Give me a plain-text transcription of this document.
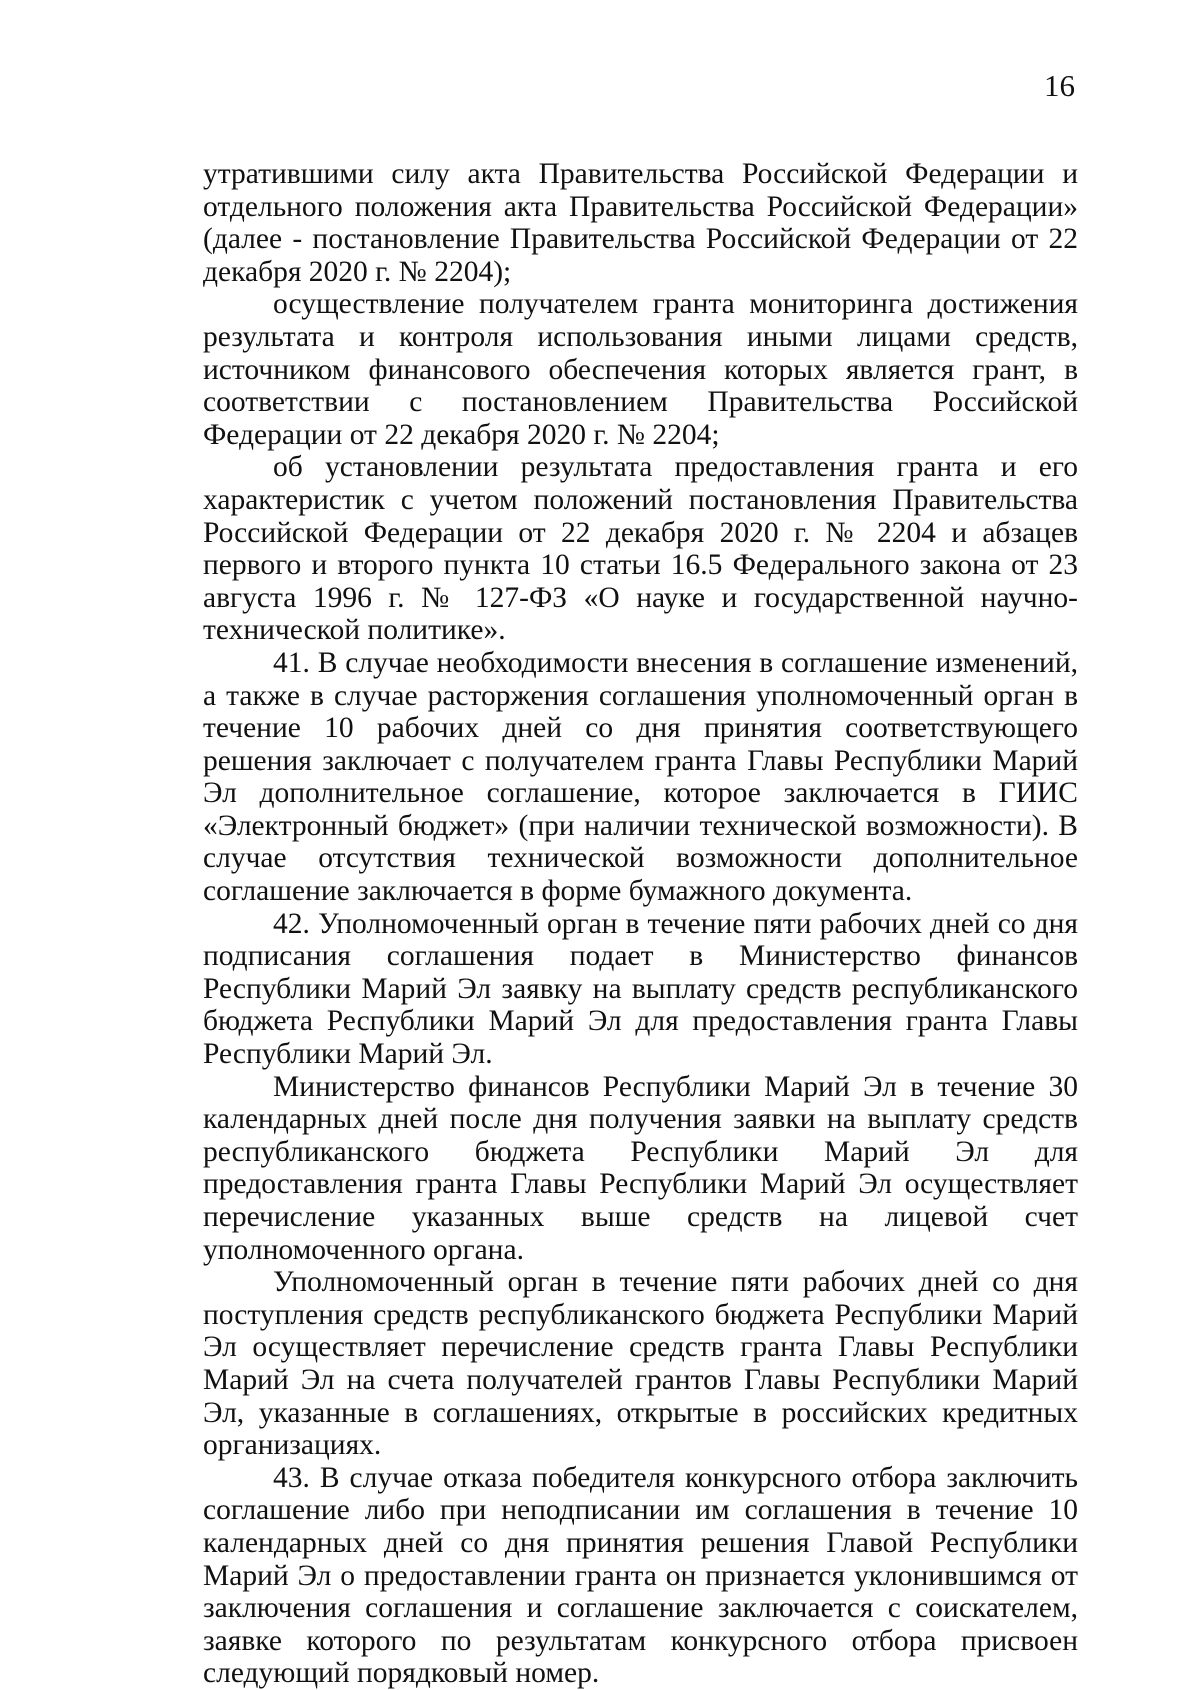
16

утратившими силу акта Правительства Российской Федерации и отдельного положения акта Правительства Российской Федерации» (далее - постановление Правительства Российской Федерации от 22 декабря 2020 г. № 2204);

осуществление получателем гранта мониторинга достижения результата и контроля использования иными лицами средств, источником финансового обеспечения которых является грант, в соответствии с постановлением Правительства Российской Федерации от 22 декабря 2020 г. № 2204;

об установлении результата предоставления гранта и его характеристик с учетом положений постановления Правительства Российской Федерации от 22 декабря 2020 г. № 2204 и абзацев первого и второго пункта 10 статьи 16.5 Федерального закона от 23 августа 1996 г. № 127-ФЗ «О науке и государственной научно-технической политике».

41. В случае необходимости внесения в соглашение изменений, а также в случае расторжения соглашения уполномоченный орган в течение 10 рабочих дней со дня принятия соответствующего решения заключает с получателем гранта Главы Республики Марий Эл дополнительное соглашение, которое заключается в ГИИС «Электронный бюджет» (при наличии технической возможности). В случае отсутствия технической возможности дополнительное соглашение заключается в форме бумажного документа.

42. Уполномоченный орган в течение пяти рабочих дней со дня подписания соглашения подает в Министерство финансов Республики Марий Эл заявку на выплату средств республиканского бюджета Республики Марий Эл для предоставления гранта Главы Республики Марий Эл.

Министерство финансов Республики Марий Эл в течение 30 календарных дней после дня получения заявки на выплату средств республиканского бюджета Республики Марий Эл для предоставления гранта Главы Республики Марий Эл осуществляет перечисление указанных выше средств на лицевой счет уполномоченного органа.

Уполномоченный орган в течение пяти рабочих дней со дня поступления средств республиканского бюджета Республики Марий Эл осуществляет перечисление средств гранта Главы Республики Марий Эл на счета получателей грантов Главы Республики Марий Эл, указанные в соглашениях, открытые в российских кредитных организациях.

43. В случае отказа победителя конкурсного отбора заключить соглашение либо при неподписании им соглашения в течение 10 календарных дней со дня принятия решения Главой Республики Марий Эл о предоставлении гранта он признается уклонившимся от заключения соглашения и соглашение заключается с соискателем, заявке которого по результатам конкурсного отбора присвоен следующий порядковый номер.
